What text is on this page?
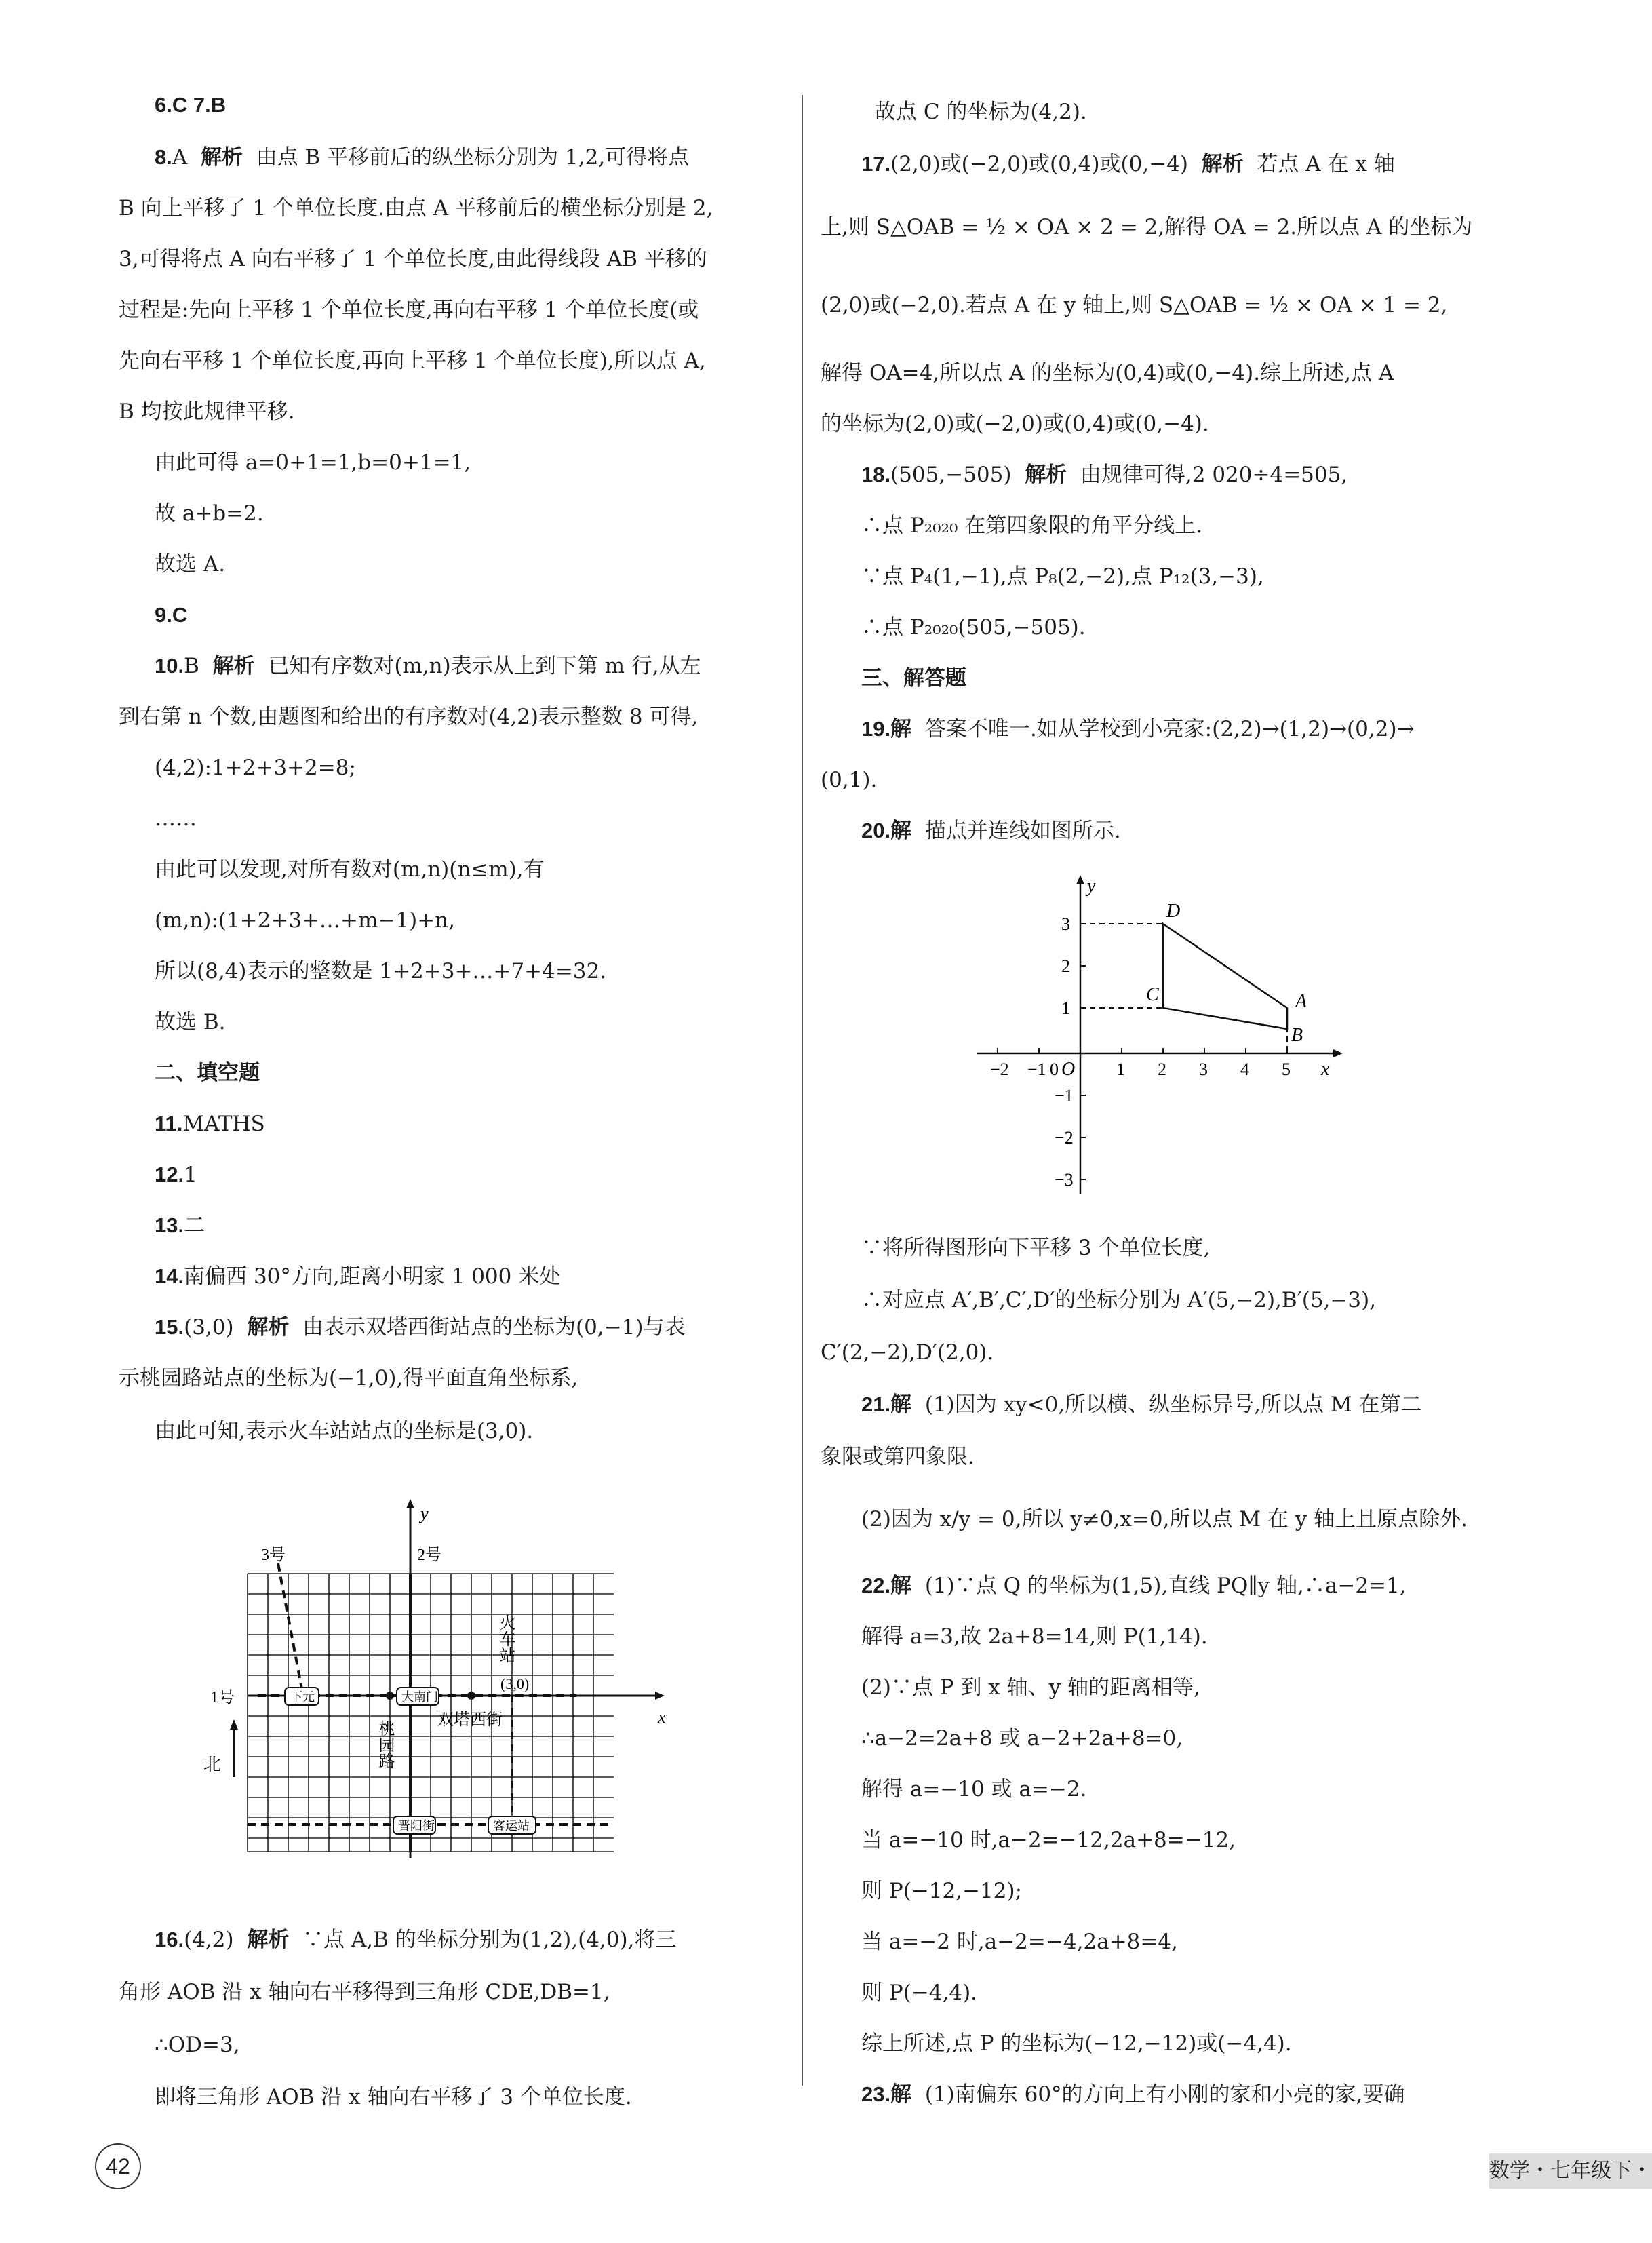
6.C 7.B
8.A 解析 由点 B 平移前后的纵坐标分别为 1,2,可得将点
B 向上平移了 1 个单位长度.由点 A 平移前后的横坐标分别是 2,
3,可得将点 A 向右平移了 1 个单位长度,由此得线段 AB 平移的
过程是:先向上平移 1 个单位长度,再向右平移 1 个单位长度(或
先向右平移 1 个单位长度,再向上平移 1 个单位长度),所以点 A,
B 均按此规律平移.
由此可得 a=0+1=1,b=0+1=1,
故 a+b=2.
故选 A.
9.C
10.B 解析 已知有序数对(m,n)表示从上到下第 m 行,从左
到右第 n 个数,由题图和给出的有序数对(4,2)表示整数 8 可得,
(4,2):1+2+3+2=8;
……
由此可以发现,对所有数对(m,n)(n≤m),有
(m,n):(1+2+3+…+m−1)+n,
所以(8,4)表示的整数是 1+2+3+…+7+4=32.
故选 B.
二、填空题
11.MATHS
12.1
13.二
14.南偏西 30°方向,距离小明家 1 000 米处
15.(3,0) 解析 由表示双塔西街站点的坐标为(0,−1)与表
示桃园路站点的坐标为(−1,0),得平面直角坐标系,
由此可知,表示火车站站点的坐标是(3,0).
下元	大南门
晋阳街	客运站
3号	2号
1号
x
y
北	桃园路	双塔西街
火车站
(3,0)
16.(4,2) 解析 ∵点 A,B 的坐标分别为(1,2),(4,0),将三
角形 AOB 沿 x 轴向右平移得到三角形 CDE,DB=1,
∴OD=3,
即将三角形 AOB 沿 x 轴向右平移了 3 个单位长度.
故点 C 的坐标为(4,2).
17.(2,0)或(−2,0)或(0,4)或(0,−4) 解析 若点 A 在 x 轴
上,则 S△OAB = ½ × OA × 2 = 2,解得 OA = 2.所以点 A 的坐标为
(2,0)或(−2,0).若点 A 在 y 轴上,则 S△OAB = ½ × OA × 1 = 2,
解得 OA=4,所以点 A 的坐标为(0,4)或(0,−4).综上所述,点 A
的坐标为(2,0)或(−2,0)或(0,4)或(0,−4).
18.(505,−505) 解析 由规律可得,2 020÷4=505,
∴点 P₂₀₂₀ 在第四象限的角平分线上.
∵点 P₄(1,−1),点 P₈(2,−2),点 P₁₂(3,−3),
∴点 P₂₀₂₀(505,−505).
三、解答题
19.解 答案不唯一.如从学校到小亮家:(2,2)→(1,2)→(0,2)→
(0,1).
20.解 描点并连线如图所示.
D
A
B
C
y
x
O
−2 −1 0	1 2 3 4 5
3
2
1
−1
−2
−3
∵将所得图形向下平移 3 个单位长度,
∴对应点 A′,B′,C′,D′的坐标分别为 A′(5,−2),B′(5,−3),
C′(2,−2),D′(2,0).
21.解 (1)因为 xy<0,所以横、纵坐标异号,所以点 M 在第二
象限或第四象限.
(2)因为 x/y = 0,所以 y≠0,x=0,所以点 M 在 y 轴上且原点除外.
22.解 (1)∵点 Q 的坐标为(1,5),直线 PQ∥y 轴,∴a−2=1,
解得 a=3,故 2a+8=14,则 P(1,14).
(2)∵点 P 到 x 轴、y 轴的距离相等,
∴a−2=2a+8 或 a−2+2a+8=0,
解得 a=−10 或 a=−2.
当 a=−10 时,a−2=−12,2a+8=−12,
则 P(−12,−12);
当 a=−2 时,a−2=−4,2a+8=4,
则 P(−4,4).
综上所述,点 P 的坐标为(−12,−12)或(−4,4).
23.解 (1)南偏东 60°的方向上有小刚的家和小亮的家,要确
42	数学・七年级下・
